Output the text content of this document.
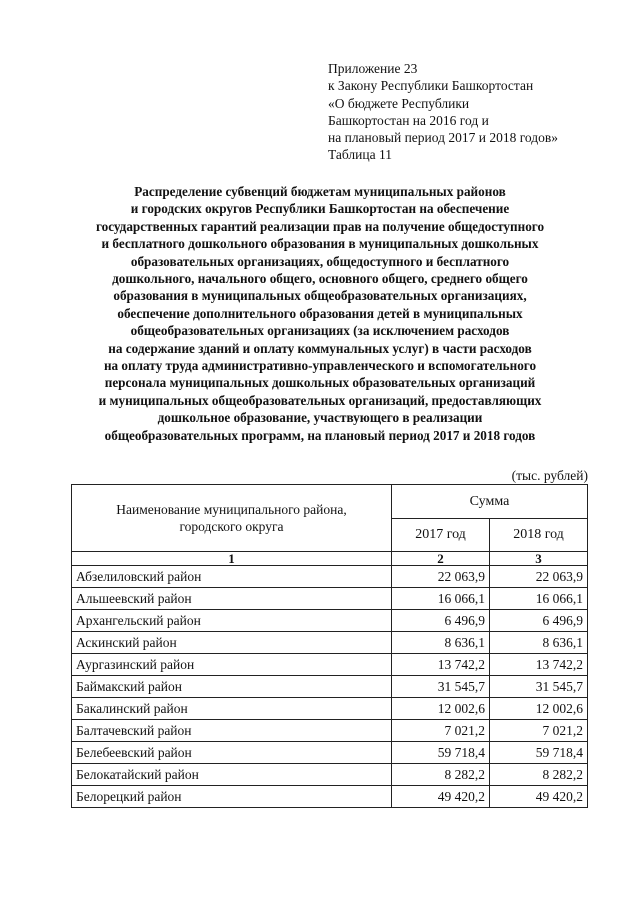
Приложение 23
к Закону Республики Башкортостан
«О бюджете Республики
Башкортостан на 2016 год и
на плановый период 2017 и 2018 годов»
Таблица 11
Распределение субвенций бюджетам муниципальных районов
и городских округов Республики Башкортостан на обеспечение
государственных гарантий реализации прав на получение общедоступного
и бесплатного дошкольного образования в муниципальных дошкольных
образовательных организациях, общедоступного и бесплатного
дошкольного, начального общего, основного общего, среднего общего
образования в муниципальных общеобразовательных организациях,
обеспечение дополнительного образования детей в муниципальных
общеобразовательных организациях (за исключением расходов
на содержание зданий и оплату коммунальных услуг) в части расходов
на оплату труда административно-управленческого и вспомогательного
персонала муниципальных дошкольных образовательных организаций
и муниципальных общеобразовательных организаций, предоставляющих
дошкольное образование, участвующего в реализации
общеобразовательных программ, на плановый период 2017 и 2018 годов
(тыс. рублей)
Наименование муниципального района,
городского округа	Сумма	
	2017 год	2018 год
1	2	3
Абзелиловский район	22 063,9	22 063,9
Альшеевский район	16 066,1	16 066,1
Архангельский район	6 496,9	6 496,9
Аскинский район	8 636,1	8 636,1
Аургазинский район	13 742,2	13 742,2
Баймакский район	31 545,7	31 545,7
Бакалинский район	12 002,6	12 002,6
Балтачевский район	7 021,2	7 021,2
Белебеевский район	59 718,4	59 718,4
Белокатайский район	8 282,2	8 282,2
Белорецкий район	49 420,2	49 420,2
